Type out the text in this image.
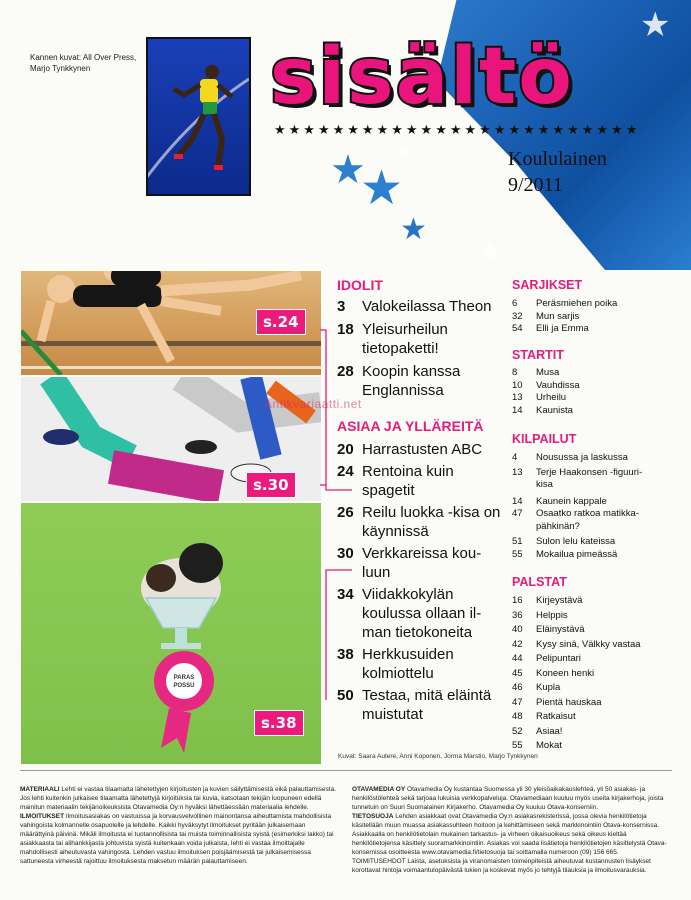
★
★
★
★
★
★
Kannen kuvat: All Over Press, Marjo Tynkkynen	sisältö
★★★★★★★★★★★★★★★★★★★★★★★★★
Koululainen
9/2011
s.24
s.30
PARAS
POSSU
s.38
Antikvariaatti.net
IDOLIT
3	Valokeilassa Theon
18 Yleisurheilun tietopaketti!
28 Koopin kanssa Englannissa
ASIAA JA YLLÄREITÄ
20 Harrastusten ABC
24 Rentoina kuin spagetit
26 Reilu luokka -kisa on käynnissä
30 Verkkareissa kou-luun
34 Viidakkokylän koulussa ollaan il-man tietokoneita
38 Herkkusuiden kolmiottelu
50 Testaa, mitä eläintä muistutat
SARJIKSET
6	Peräsmiehen poika
32	Mun sarjis
54	Elli ja Emma
STARTIT
8	Musa
10	Vauhdissa
13	Urheilu
14	Kaunista
KILPAILUT
4	Nousussa ja laskussa
13	Terje Haakonsen -figuuri-kisa
14	Kaunein kappale
47	Osaatko ratkoa matikka-pähkinän?
51	Sulon lelu kateissa
55	Mokailua pimeässä
PALSTAT
16	Kirjeystävä
36	Helppis
40	Eläinystävä
42	Kysy sinä, Välkky vastaa
44	Pelipuntari
45	Koneen henki
46	Kupla
47	Pientä hauskaa
48	Ratkaisut
52	Asiaa!
55	Mokat
Kuvat: Saara Autere, Anni Koponen, Jorma Marstio, Marjo Tynkkynen
MATERIAALI Lehti ei vastaa tilaamatta lähetettyjen kirjoitusten ja kuvien säilyttämisestä eikä palauttamisesta. Jos lehti kuitenkin julkaisee tilaamatta lähetettyjä kirjoituksia tai kuvia, katsotaan tekijän luopuneen edellä mainitun materiaalin tekijänoikeuksista Otavamedia Oy:n hyväksi lähettäessään materiaalia lehdelle.
ILMOITUKSET Ilmoitusasiakas on vastuussa ja korvausvelvollinen mainontansa aiheuttamista mahdollisista vahingoista kolmannelle osapuolelle ja lehdelle. Kaikki hyväksytyt ilmoitukset pyritään julkaisemaan määrättyinä päivinä. Mikäli ilmoitusta ei tuotannollisista tai muista toiminnallisista syistä (esimerkiksi lakko) tai asiakkaasta tai alihankkijasta johtuvista syistä kuitenkaan voida julkaista, lehti ei vastaa ilmoittajalle mahdollisesti aiheutuvasta vahingosta. Lehden vastuu ilmoituksen poisjäämisestä tai julkaisemisessa sattuneesta virheestä rajoittuu ilmoituksesta maksetun määrän palauttamiseen.
OTAVAMEDIA OY Otavamedia Oy kustantaa Suomessa yli 30 yleisöaikakauslehteä, yli 50 asiakas- ja henkilöstölehteä sekä tarjoaa lukuisia verkkopalveluja. Otavamediaan kuuluu myös useita kirjakerhoja, joista tunnetuin on Suuri Suomalainen Kirjakerho. Otavamedia Oy kuuluu Otava-konserniin.
TIETOSUOJA Lehden asiakkaat ovat Otavamedia Oy:n asiakasrekisterissä, jossa olevia henkilötietoja käsitellään muun muassa asiakassuhteen hoitoon ja kehittämiseen sekä markkinointiin Otava-konsernissa. Asiakkaalla on henkilötietolain mukainen tarkastus- ja virheen oikaisuoikeus sekä oikeus kieltää henkilötietojensa käsittely suoramarkkinointiin. Asiakas voi saada lisätietoja henkilötietojen käsittelystä Otava-konsernissa osoitteesta www.otavamedia.fi/tietosuoja tai soittamalla numeroon (09) 156 665. TOIMITUSEHDOT Laista, asetuksista ja viranomaisten toimenpiteistä aiheutuvat kustannusten lisäykset korottavat hintoja voimaantulopäivästä lukien ja koskevat myös jo tehtyjä tilauksia ja ilmoitusvarauksia.
